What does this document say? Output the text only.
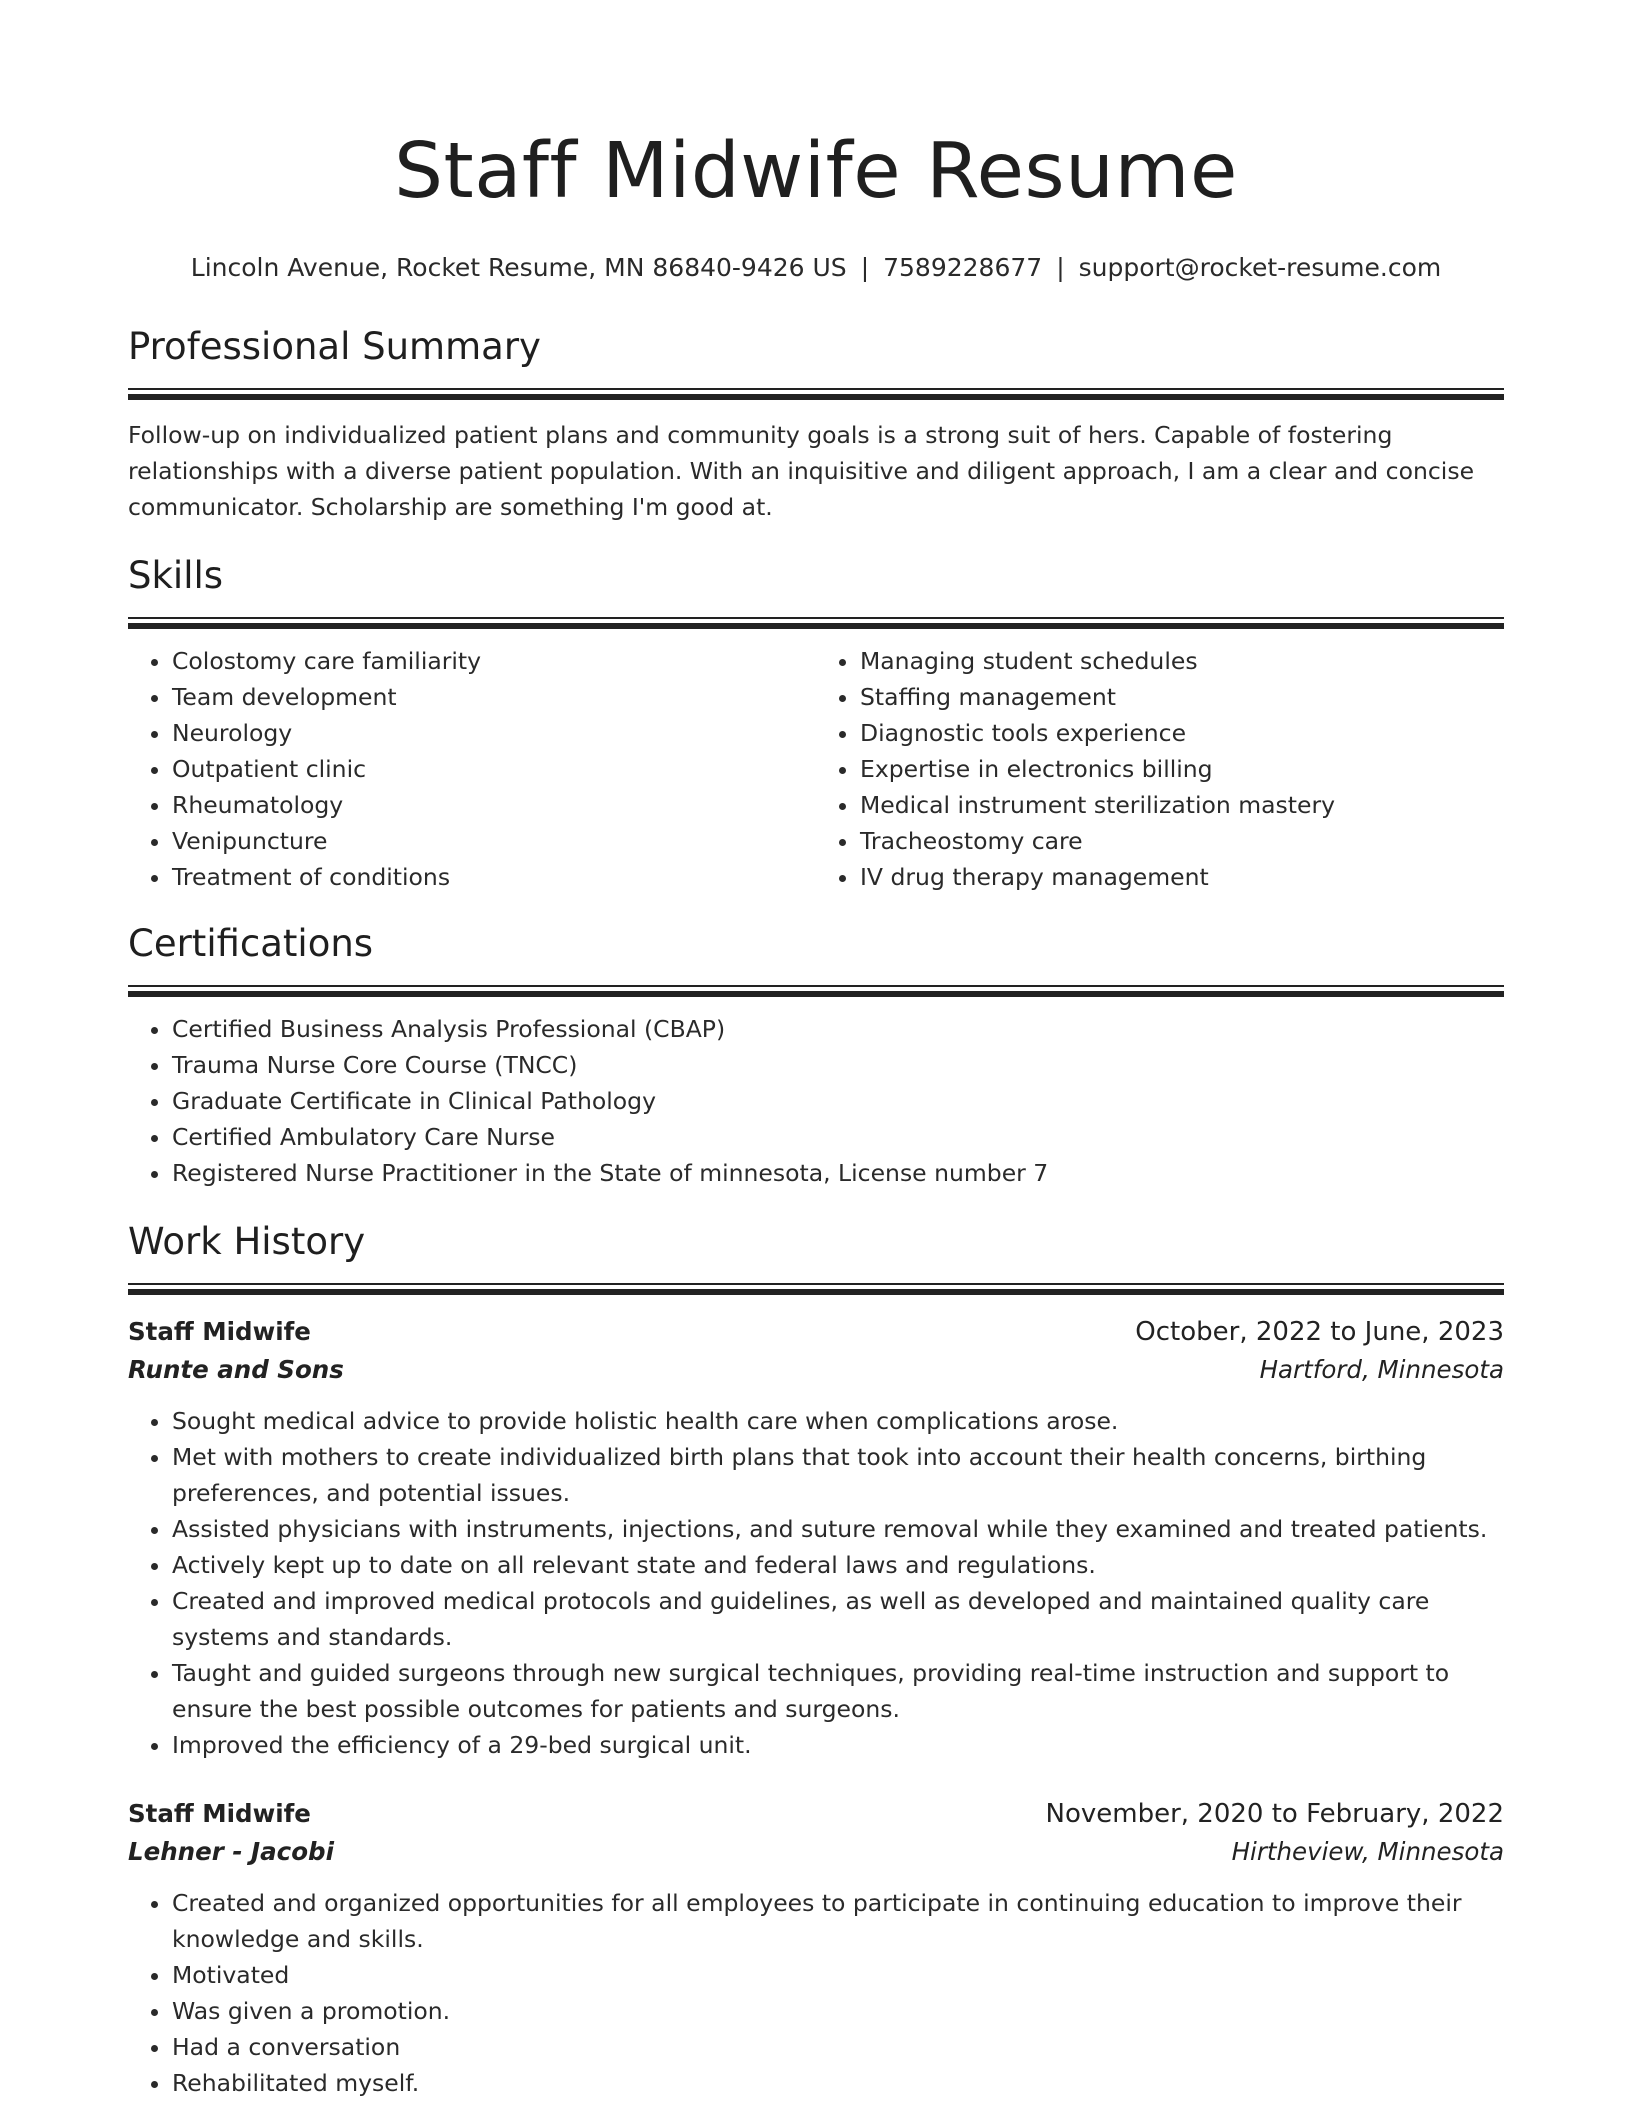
Staff Midwife Resume
Lincoln Avenue, Rocket Resume, MN 86840-9426 US | 7589228677 | support@rocket-resume.com
Professional Summary
Follow-up on individualized patient plans and community goals is a strong suit of hers. Capable of fostering relationships with a diverse patient population. With an inquisitive and diligent approach, I am a clear and concise communicator. Scholarship are something I'm good at.
Skills
• Colostomy care familiarity
• Team development
• Neurology
• Outpatient clinic
• Rheumatology
• Venipuncture
• Treatment of conditions
• Managing student schedules
• Staffing management
• Diagnostic tools experience
• Expertise in electronics billing
• Medical instrument sterilization mastery
• Tracheostomy care
• IV drug therapy management
Certifications
• Certified Business Analysis Professional (CBAP)
• Trauma Nurse Core Course (TNCC)
• Graduate Certificate in Clinical Pathology
• Certified Ambulatory Care Nurse
• Registered Nurse Practitioner in the State of minnesota, License number 7
Work History
Staff Midwife	October, 2022 to June, 2023
Runte and Sons	Hartford, Minnesota
• Sought medical advice to provide holistic health care when complications arose.
• Met with mothers to create individualized birth plans that took into account their health concerns, birthing preferences, and potential issues.
• Assisted physicians with instruments, injections, and suture removal while they examined and treated patients.
• Actively kept up to date on all relevant state and federal laws and regulations.
• Created and improved medical protocols and guidelines, as well as developed and maintained quality care systems and standards.
• Taught and guided surgeons through new surgical techniques, providing real-time instruction and support to ensure the best possible outcomes for patients and surgeons.
• Improved the efficiency of a 29-bed surgical unit.
Staff Midwife	November, 2020 to February, 2022
Lehner - Jacobi	Hirtheview, Minnesota
• Created and organized opportunities for all employees to participate in continuing education to improve their knowledge and skills.
• Motivated
• Was given a promotion.
• Had a conversation
• Rehabilitated myself.
